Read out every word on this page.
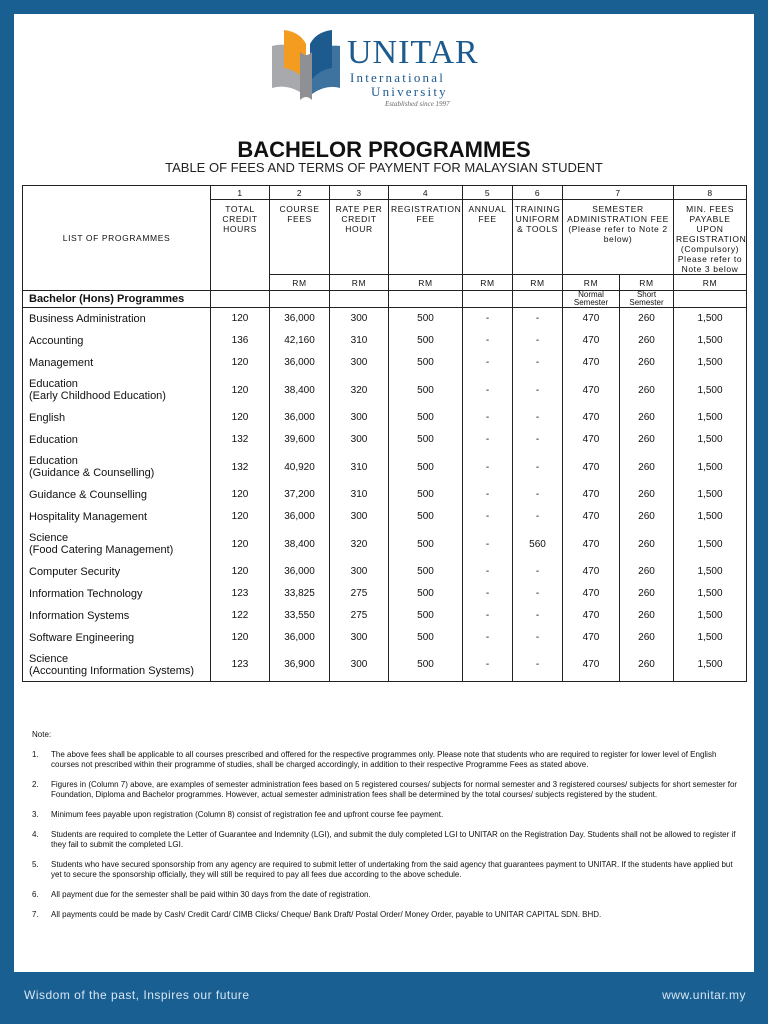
UNITAR
International
University
Established since 1997
BACHELOR PROGRAMMES
TABLE OF FEES AND TERMS OF PAYMENT FOR MALAYSIAN STUDENT
LIST OF PROGRAMMES	1	2	3	4	5	6	7		8
	TOTAL CREDIT HOURS	COURSE FEES	RATE PER CREDIT HOUR	REGISTRATION FEE	ANNUAL FEE	TRAINING UNIFORM & TOOLS	SEMESTER ADMINISTRATION FEE (Please refer to Note 2 below)		MIN. FEES PAYABLE UPON REGISTRATION (Compulsory) Please refer to Note 3 below
		RM	RM	RM	RM	RM	RM	RM	RM
Bachelor (Hons) Programmes							Normal Semester	Short Semester	

Business Administration	120	36,000	300	500	-	-	470	260	1,500

Accounting	136	42,160	310	500	-	-	470	260	1,500

Management	120	36,000	300	500	-	-	470	260	1,500

Education
(Early Childhood Education)	120	38,400	320	500	-	-	470	260	1,500

English	120	36,000	300	500	-	-	470	260	1,500

Education	132	39,600	300	500	-	-	470	260	1,500

Education
(Guidance & Counselling)	132	40,920	310	500	-	-	470	260	1,500

Guidance & Counselling	120	37,200	310	500	-	-	470	260	1,500

Hospitality Management	120	36,000	300	500	-	-	470	260	1,500

Science
(Food Catering Management)	120	38,400	320	500	-	560	470	260	1,500

Computer Security	120	36,000	300	500	-	-	470	260	1,500

Information Technology	123	33,825	275	500	-	-	470	260	1,500

Information Systems	122	33,550	275	500	-	-	470	260	1,500

Software Engineering	120	36,000	300	500	-	-	470	260	1,500

Science
(Accounting Information Systems)	123	36,900	300	500	-	-	470	260	1,500
Note:
1. The above fees shall be applicable to all courses prescribed and offered for the respective programmes only. Please note that students who are required to register for lower level of English courses not prescribed within their programme of studies, shall be charged accordingly, in addition to their respective Programme Fees as stated above.
2. Figures in (Column 7) above, are examples of semester administration fees based on 5 registered courses/ subjects for normal semester and 3 registered courses/ subjects for short semester for Foundation, Diploma and Bachelor programmes. However, actual semester administration fees shall be determined by the total courses/ subjects registered by the student.
3. Minimum fees payable upon registration (Column 8) consist of registration fee and upfront course fee payment.
4. Students are required to complete the Letter of Guarantee and Indemnity (LGI), and submit the duly completed LGI to UNITAR on the Registration Day. Students shall not be allowed to register if they fail to submit the completed LGI.
5. Students who have secured sponsorship from any agency are required to submit letter of undertaking from the said agency that guarantees payment to UNITAR. If the students have applied but yet to secure the sponsorship officially, they will still be required to pay all fees due according to the above schedule.
6. All payment due for the semester shall be paid within 30 days from the date of registration.
7. All payments could be made by Cash/ Credit Card/ CIMB Clicks/ Cheque/ Bank Draft/ Postal Order/ Money Order, payable to UNITAR CAPITAL SDN. BHD.
Wisdom of the past, Inspires our future	www.unitar.my
